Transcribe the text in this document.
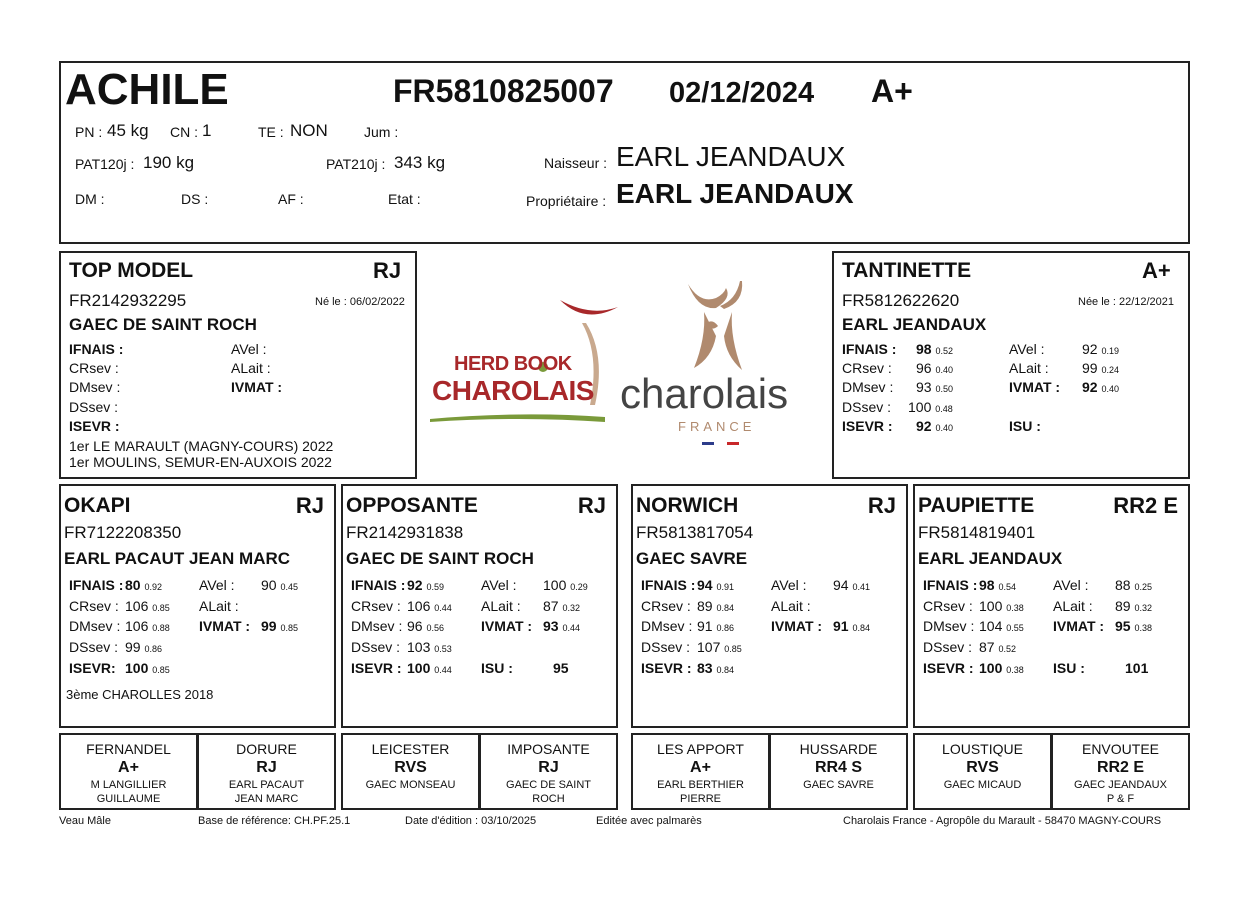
ACHILE	FR5810825007 02/12/2024 A+
PN : 45 kg CN : 1	TE : NON	Jum :
PAT120j : 190 kg	PAT210j : 343 kg
DM :	DS :	AF :	Etat :
Naisseur : EARL JEANDAUX
Propriétaire : EARL JEANDAUX
TOP MODEL	RJ
FR2142932295	Né le : 06/02/2022
GAEC DE SAINT ROCH
IFNAIS :
CRsev :
DMsev :
DSsev :
ISEVR :
AVel :
ALait :
IVMAT :
1er LE MARAULT (MAGNY-COURS) 2022
1er MOULINS, SEMUR-EN-AUXOIS 2022
HERD BOOK
CHAROLAIS charolais
FRANCE
TANTINETTE	A+
FR5812622620	Née le : 22/12/2021
EARL JEANDAUX
IFNAIS : 98 0.52
CRsev : 96 0.40
DMsev : 93 0.50
DSsev : 100 0.48
ISEVR : 92 0.40
AVel :	92 0.19
ALait : 99 0.24
IVMAT : 92 0.40
ISU :
OKAPI	RJ
FR7122208350
EARL PACAUT JEAN MARC
IFNAIS : 80 0.92
CRsev : 106 0.85
DMsev : 106 0.88
DSsev : 99 0.86
ISEVR: 100 0.85
AVel : 90 0.45
ALait :
IVMAT : 99 0.85
3ème CHAROLLES 2018
OPPOSANTE	RJ
FR2142931838
GAEC DE SAINT ROCH
IFNAIS : 92 0.59
CRsev : 106 0.44
DMsev : 96 0.56
DSsev : 103 0.53
ISEVR : 100 0.44
AVel : 100 0.29
ALait : 87 0.32
IVMAT : 93 0.44
ISU :	95
NORWICH	RJ
FR5813817054
GAEC SAVRE
IFNAIS : 94 0.91
CRsev : 89 0.84
DMsev : 91 0.86
DSsev : 107 0.85
ISEVR : 83 0.84
AVel : 94 0.41
ALait :
IVMAT : 91 0.84
PAUPIETTE	RR2 E
FR5814819401
EARL JEANDAUX
IFNAIS : 98 0.54
CRsev : 100 0.38
DMsev : 104 0.55
DSsev : 87 0.52
ISEVR : 100 0.38
AVel : 88 0.25
ALait : 89 0.32
IVMAT : 95 0.38
ISU :	101
FERNANDEL
A+
M LANGILLIER
GUILLAUME
DORURE
RJ
EARL PACAUT
JEAN MARC
LEICESTER
RVS
GAEC MONSEAU
IMPOSANTE
RJ
GAEC DE SAINT
ROCH
LES APPORT
A+
EARL BERTHIER
PIERRE
HUSSARDE
RR4 S
GAEC SAVRE
LOUSTIQUE
RVS
GAEC MICAUD
ENVOUTEE
RR2 E
GAEC JEANDAUX
P & F
Veau Mâle	Base de référence: CH.PF.25.1	Date d'édition : 03/10/2025	Editée avec palmarès	Charolais France - Agropôle du Marault - 58470 MAGNY-COURS
